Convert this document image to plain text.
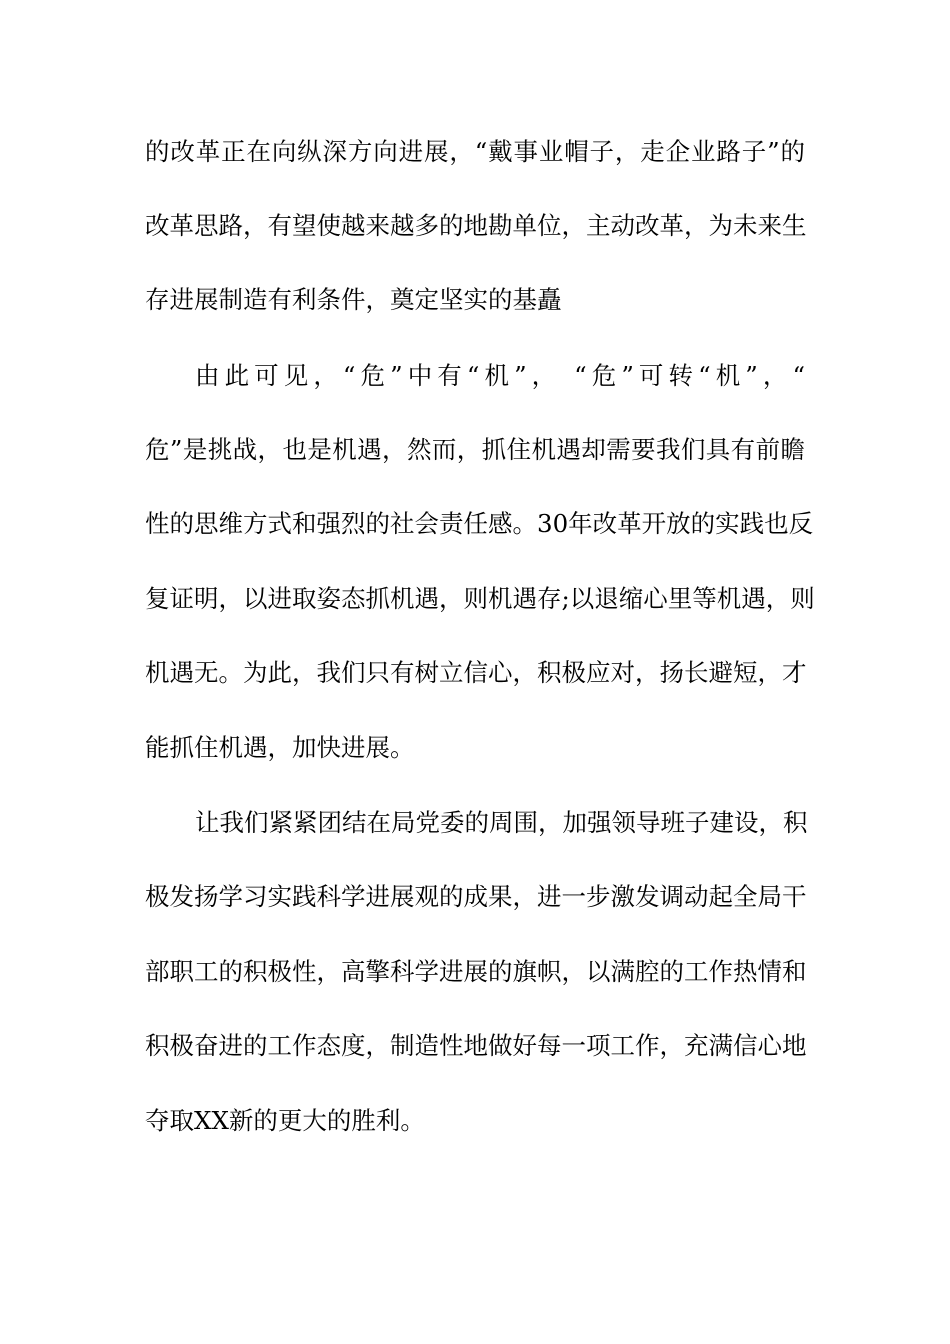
的改革正在向纵深方向进展，“戴事业帽子，走企业路子”的
改革思路，有望使越来越多的地勘单位，主动改革，为未来生
存进展制造有利条件，奠定坚实的基矗
由此可见，“危”中有“机”， “危”可转“机”，“
危”是挑战，也是机遇，然而，抓住机遇却需要我们具有前瞻
性的思维方式和强烈的社会责任感。30年改革开放的实践也反
复证明，以进取姿态抓机遇，则机遇存;以退缩心里等机遇，则
机遇无。为此，我们只有树立信心，积极应对，扬长避短，才
能抓住机遇，加快进展。
让我们紧紧团结在局党委的周围，加强领导班子建设，积
极发扬学习实践科学进展观的成果，进一步激发调动起全局干
部职工的积极性，高擎科学进展的旗帜，以满腔的工作热情和
积极奋进的工作态度，制造性地做好每一项工作，充满信心地
夺取XX新的更大的胜利。
